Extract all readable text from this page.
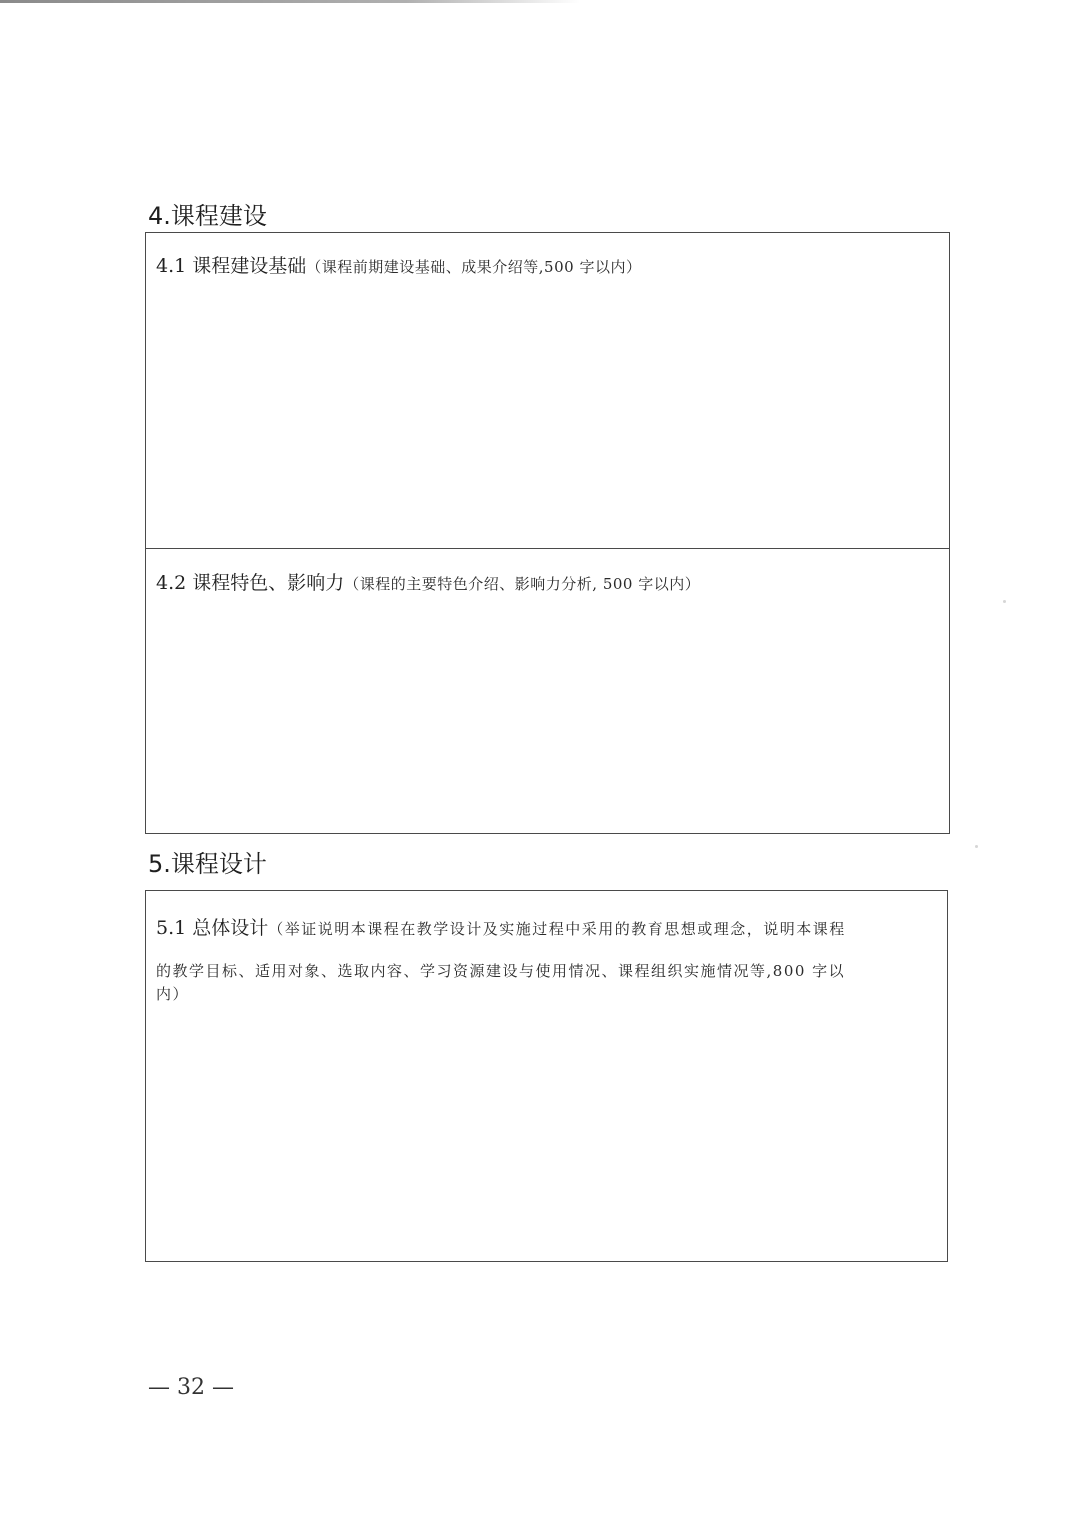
4.课程建设
4.1 课程建设基础（课程前期建设基础、成果介绍等,500 字以内）
4.2 课程特色、影响力（课程的主要特色介绍、影响力分析, 500 字以内）
5.课程设计
5.1 总体设计（举证说明本课程在教学设计及实施过程中采用的教育思想或理念，说明本课程
的教学目标、适用对象、选取内容、学习资源建设与使用情况、课程组织实施情况等,800 字以
内）
— 32 —
